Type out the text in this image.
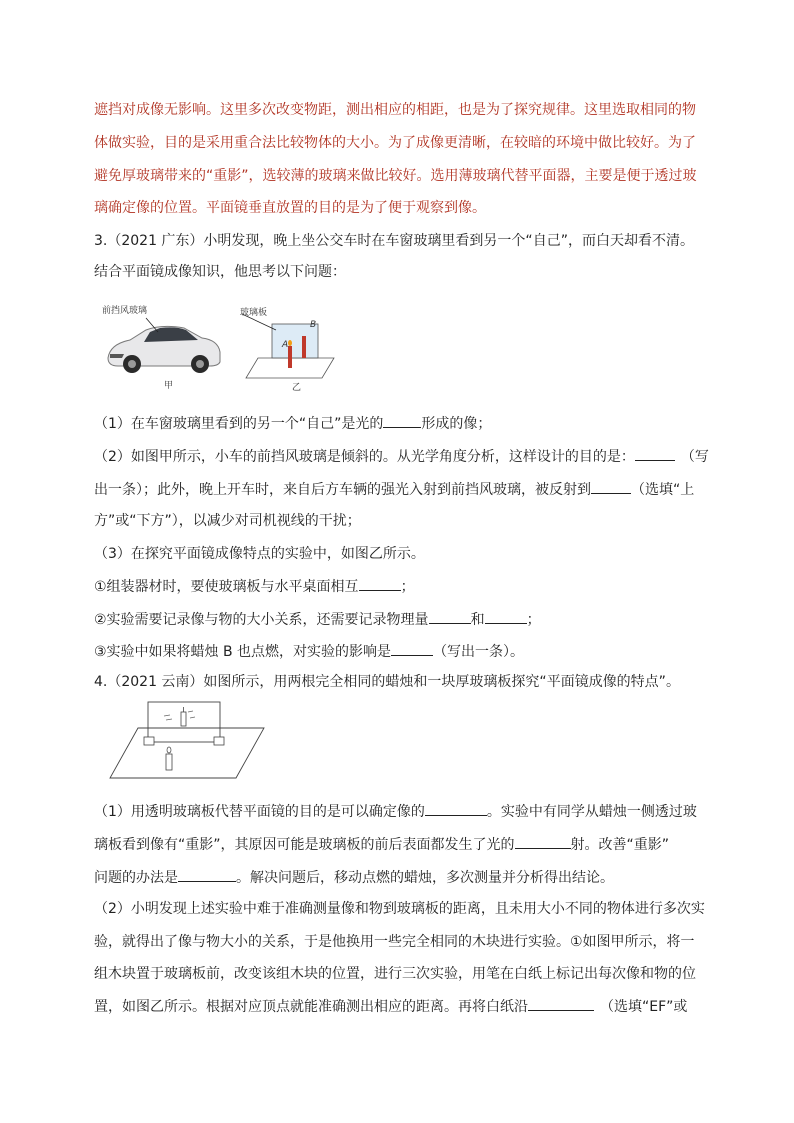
遮挡对成像无影响。这里多次改变物距，测出相应的相距，也是为了探究规律。这里选取相同的物
体做实验，目的是采用重合法比较物体的大小。为了成像更清晰，在较暗的环境中做比较好。为了
避免厚玻璃带来的“重影”，选较薄的玻璃来做比较好。选用薄玻璃代替平面器，主要是便于透过玻
璃确定像的位置。平面镜垂直放置的目的是为了便于观察到像。
3.（2021 广东）小明发现，晚上坐公交车时在车窗玻璃里看到另一个“自己”，而白天却看不清。
结合平面镜成像知识，他思考以下问题：
前挡风玻璃
甲
玻璃板
A
B
乙
（1）在车窗玻璃里看到的另一个“自己”是光的	形成的像；
（2）如图甲所示，小车的前挡风玻璃是倾斜的。从光学角度分析，这样设计的目的是：	（写
出一条）；此外，晚上开车时，来自后方车辆的强光入射到前挡风玻璃，被反射到	（选填“上
方”或“下方”），以减少对司机视线的干扰；
（3）在探究平面镜成像特点的实验中，如图乙所示。
①组装器材时，要使玻璃板与水平桌面相互	；
②实验需要记录像与物的大小关系，还需要记录物理量	和	；
③实验中如果将蜡烛 B 也点燃，对实验的影响是	（写出一条）。
4.（2021 云南）如图所示，用两根完全相同的蜡烛和一块厚玻璃板探究“平面镜成像的特点”。
（1）用透明玻璃板代替平面镜的目的是可以确定像的	。实验中有同学从蜡烛一侧透过玻
璃板看到像有“重影”，其原因可能是玻璃板的前后表面都发生了光的	射。改善“重影”
问题的办法是	。解决问题后，移动点燃的蜡烛，多次测量并分析得出结论。
（2）小明发现上述实验中难于准确测量像和物到玻璃板的距离，且未用大小不同的物体进行多次实
验，就得出了像与物大小的关系，于是他换用一些完全相同的木块进行实验。①如图甲所示，将一
组木块置于玻璃板前，改变该组木块的位置，进行三次实验，用笔在白纸上标记出每次像和物的位
置，如图乙所示。根据对应顶点就能准确测出相应的距离。再将白纸沿	（选填“EF”或
